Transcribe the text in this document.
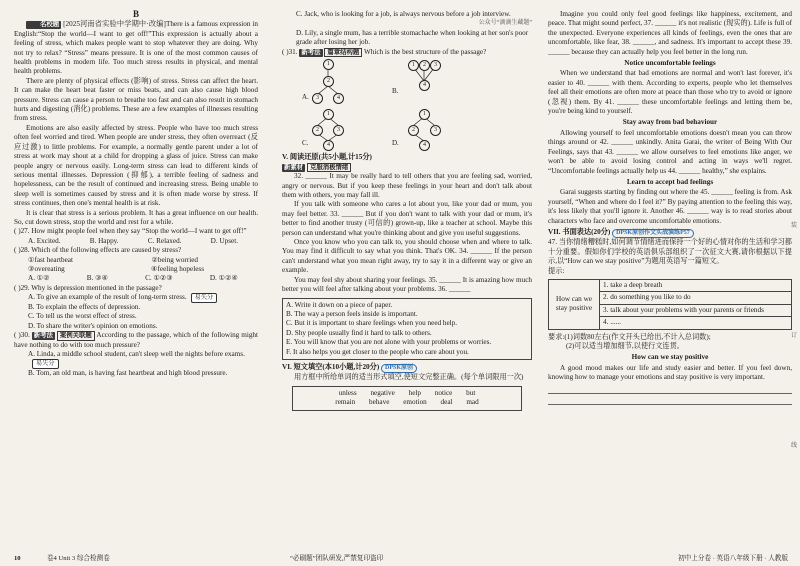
B

名校题 [2025河南省实验中学期中·改编]There is a famous expression in English:“Stop the world—I want to get off!”This expression is actually about a feeling of stress, which makes people want to stop whatever they are doing. Why not try to relax? “Stress” means pressure. It is one of the most common causes of health problems in modern life. Too much stress results in physical, and mental health problems.

There are plenty of physical effects (影响) of stress. Stress can affect the heart. It can make the heart beat faster or miss beats, and can also cause high blood pressure. Stress can cause a person to breathe too fast and can also result in stomach hurts and digesting (消化) problems. These are a few examples of illnesses resulting from stress.

Emotions are also easily affected by stress. People who have too much stress often feel worried and tired. When people are under stress, they often overreact (反应过激) to little problems. For example, a normally gentle parent under a lot of stress at work may shout at a child for dropping a glass of juice. Stress can make people angry or nervous easily. Long-term stress can lead to different kinds of serious mental illnesses. Depression (抑郁), a terrible feeling of sadness and hopelessness, can be the result of continued and increasing stress. Being unable to sleep well is sometimes caused by stress and it is often made worse by stress. If stress continues, then one's mental health is at risk.

It is clear that stress is a serious problem. It has a great influence on our health. So, cut down stress, stop the world and rest for a while.

( )27. How might people feel when they say “Stop the world—I want to get off!”

A. Excited.	B. Happy.	C. Relaxed.	D. Upset.

( )28. Which of the following effects are caused by stress?

①fast heartbeat	②being worried
③overeating	④feeling hopeless
A. ①②	B. ③④	C. ①②③	D. ①②④

( )29. Why is depression mentioned in the passage?

A. To give an example of the result of long-term stress. 易失分
B. To explain the effects of depression.
C. To tell us the worst effect of stress.
D. To share the writer's opinion on emotions.

( )30. 新考法 案例关联题 According to the passage, which of the following might have nothing to do with too much pressure?

A. Linda, a middle school student, can't sleep well the nights before exams.易失分
B. Tom, an old man, is having fast heartbeat and high blood pressure.
C. Jack, who is looking for a job, is always nervous before a job interview.
公众号“滴滴生藏题”
D. Lily, a single mum, has a terrible stomachache when looking at her son's poor grade after losing her job.

( )31. 新考法 篇章结构题 Which is the best structure of the passage?

A.
1
2
3	4
B.
1	2	3
4
C.
1
2	3
4	D.
1
2	3
4
V. 阅读还原(共5小题,计15分)
新素材 克服消极情绪

32. ______ It may be really hard to tell others that you are feeling sad, worried, angry or nervous. But if you keep these feelings in your heart and don't talk about them with others, you may fall ill.

If you talk with someone who cares a lot about you, like your dad or mum, you may feel better. 33. ______ But if you don't want to talk with your dad or mum, it's better to find another trusty (可信的) grown-up, like a teacher at school. Maybe this person can understand what you're thinking about and give you useful suggestions.

Once you know who you can talk to, you should choose when and where to talk. You may find it difficult to say what you think. That's OK. 34. ______ If the person can't understand what you mean right away, try to say it in a different way or give an example.

You may feel shy about sharing your feelings. 35. ______ It is amazing how much better you will feel after talking about your problems. 36. ______

A. Write it down on a piece of paper.
B. The way a person feels inside is important.
C. But it is important to share feelings when you need help.
D. Shy people usually find it hard to talk to others.
E. You will know that you are not alone with your problems or worries.
F. It also helps you get closer to the people who care about you.
VI. 短文填空(本10小题,计20分) DPSK原创

用方框中所给单词的适当形式填空,使短文完整正确。(每个单词限用一次)

unless negative help notice but
remain behave emotion deal mad

Imagine you could only feel good feelings like happiness, excitement, and peace. That might sound perfect, 37. ______ it's not realistic (现实的). Life is full of the unexpected. Everyone experiences all kinds of feelings, even the ones that are uncomfortable, like fear, 38. ______, and sadness. It's important to accept these 39. ______ because they can actually help you feel better in the long run.

Notice uncomfortable feelings

When we understand that bad emotions are normal and won't last forever, it's easier to 40. ______ with them. According to experts, people who let themselves feel all their emotions are often more at peace than those who try to avoid or ignore (忽视) them. By 41. ______ these uncomfortable feelings and letting them be, you're being kind to yourself.

Stay away from bad behaviour

Allowing yourself to feel uncomfortable emotions doesn't mean you can throw things around or 42. ______ unkindly. Anita Garai, the writer of Being With Our Feelings, says that 43. ______ we allow ourselves to feel emotions like anger, we won't be able to avoid losing control and acting in ways we'll regret. “Uncomfortable feelings actually help us 44. ______ healthy,” she explains.

Learn to accept bad feelings

Garai suggests starting by finding out where the 45. ______ feeling is from. Ask yourself, “When and where do I feel it?” By paying attention to the feeling this way, it's less likely that you'll ignore it. Another 46. ______ way is to read stories about characters who face and overcome uncomfortable emotions.

VII. 书面表达(20分) DPSK原创作文实战演练P57

47. 当你情绪糟糕时,如何调节情绪进而保持一个好的心情对你的生活和学习都十分重要。假如你们学校的英语俱乐部组织了一次征文大赛,请你根据以下提示,以“How can we stay positive”为题用英语写一篇短文。

提示:
How can we stay positive
1. take a deep breath
2. do something you like to do
3. talk about your problems with your parents or friends
4. ......
要求:(1)词数80左右(作文开头已给出,不计入总词数);
(2)可以适当增加细节,以使行文连贯。
How can we stay positive

A good mood makes our life and study easier and better. If you feel down, knowing how to manage your emotions and stay positive is very important.

装
订
线
10	卷4 Unit 3 综合检测卷	“必刷题”团队研发,严禁复印盗印	初中上分卷 · 英语八年级下册 · 人教版
